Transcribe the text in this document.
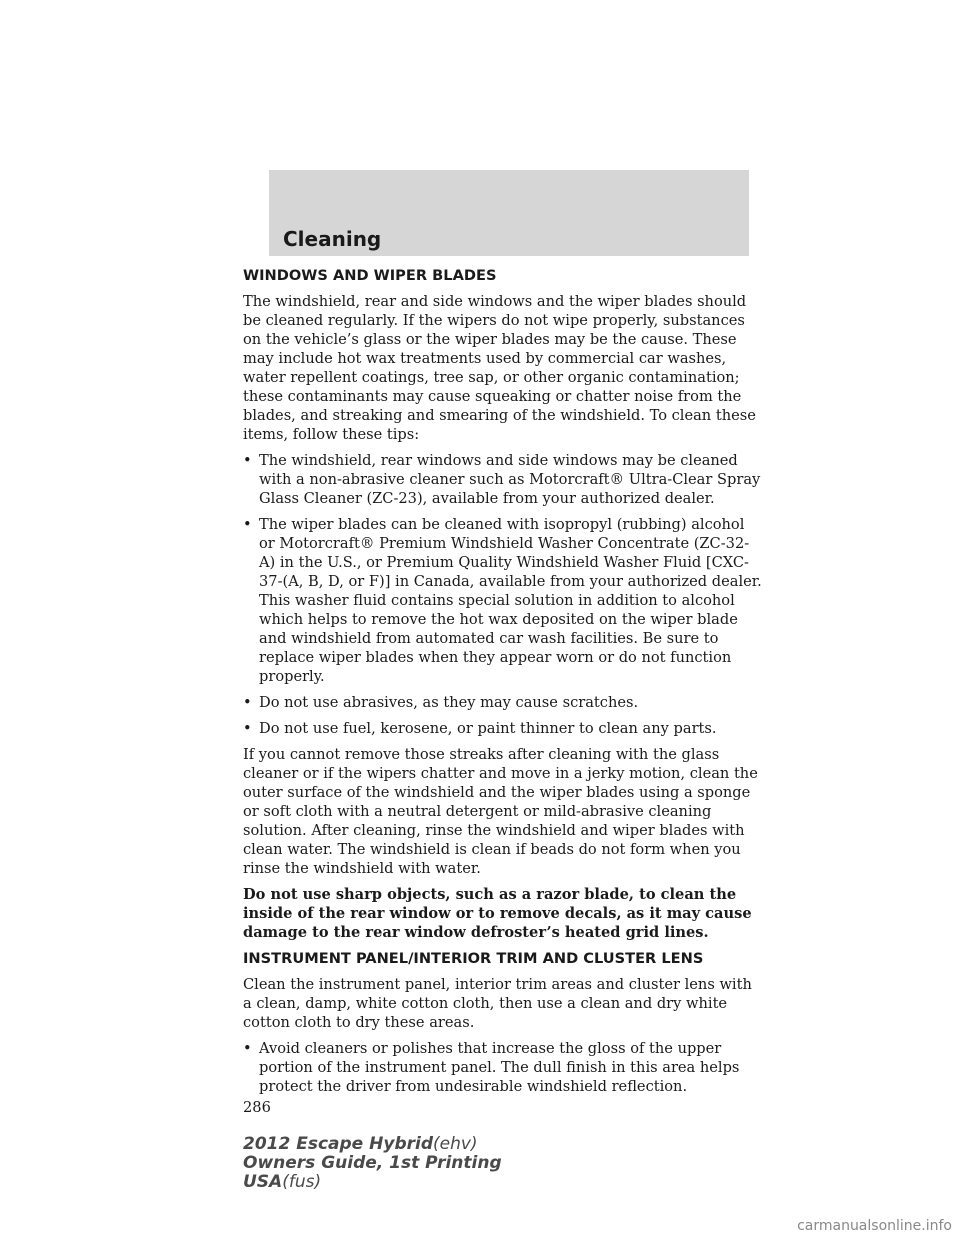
Cleaning
WINDOWS AND WIPER BLADES

The windshield, rear and side windows and the wiper blades should be cleaned regularly. If the wipers do not wipe properly, substances on the vehicle’s glass or the wiper blades may be the cause. These may include hot wax treatments used by commercial car washes, water repellent coatings, tree sap, or other organic contamination; these contaminants may cause squeaking or chatter noise from the blades, and streaking and smearing of the windshield. To clean these items, follow these tips:

• The windshield, rear windows and side windows may be cleaned with a non-abrasive cleaner such as Motorcraft® Ultra-Clear Spray Glass Cleaner (ZC-23), available from your authorized dealer.
• The wiper blades can be cleaned with isopropyl (rubbing) alcohol or Motorcraft® Premium Windshield Washer Concentrate (ZC-32-A) in the U.S., or Premium Quality Windshield Washer Fluid [CXC-37-(A, B, D, or F)] in Canada, available from your authorized dealer. This washer fluid contains special solution in addition to alcohol which helps to remove the hot wax deposited on the wiper blade and windshield from automated car wash facilities. Be sure to replace wiper blades when they appear worn or do not function properly.
• Do not use abrasives, as they may cause scratches.
• Do not use fuel, kerosene, or paint thinner to clean any parts.

If you cannot remove those streaks after cleaning with the glass cleaner or if the wipers chatter and move in a jerky motion, clean the outer surface of the windshield and the wiper blades using a sponge or soft cloth with a neutral detergent or mild-abrasive cleaning solution. After cleaning, rinse the windshield and wiper blades with clean water. The windshield is clean if beads do not form when you rinse the windshield with water.

Do not use sharp objects, such as a razor blade, to clean the inside of the rear window or to remove decals, as it may cause damage to the rear window defroster’s heated grid lines.

INSTRUMENT PANEL/INTERIOR TRIM AND CLUSTER LENS

Clean the instrument panel, interior trim areas and cluster lens with a clean, damp, white cotton cloth, then use a clean and dry white cotton cloth to dry these areas.

• Avoid cleaners or polishes that increase the gloss of the upper portion of the instrument panel. The dull finish in this area helps protect the driver from undesirable windshield reflection.
286
2012 Escape Hybrid(ehv)
Owners Guide, 1st Printing
USA(fus)
carmanualsonline.info
